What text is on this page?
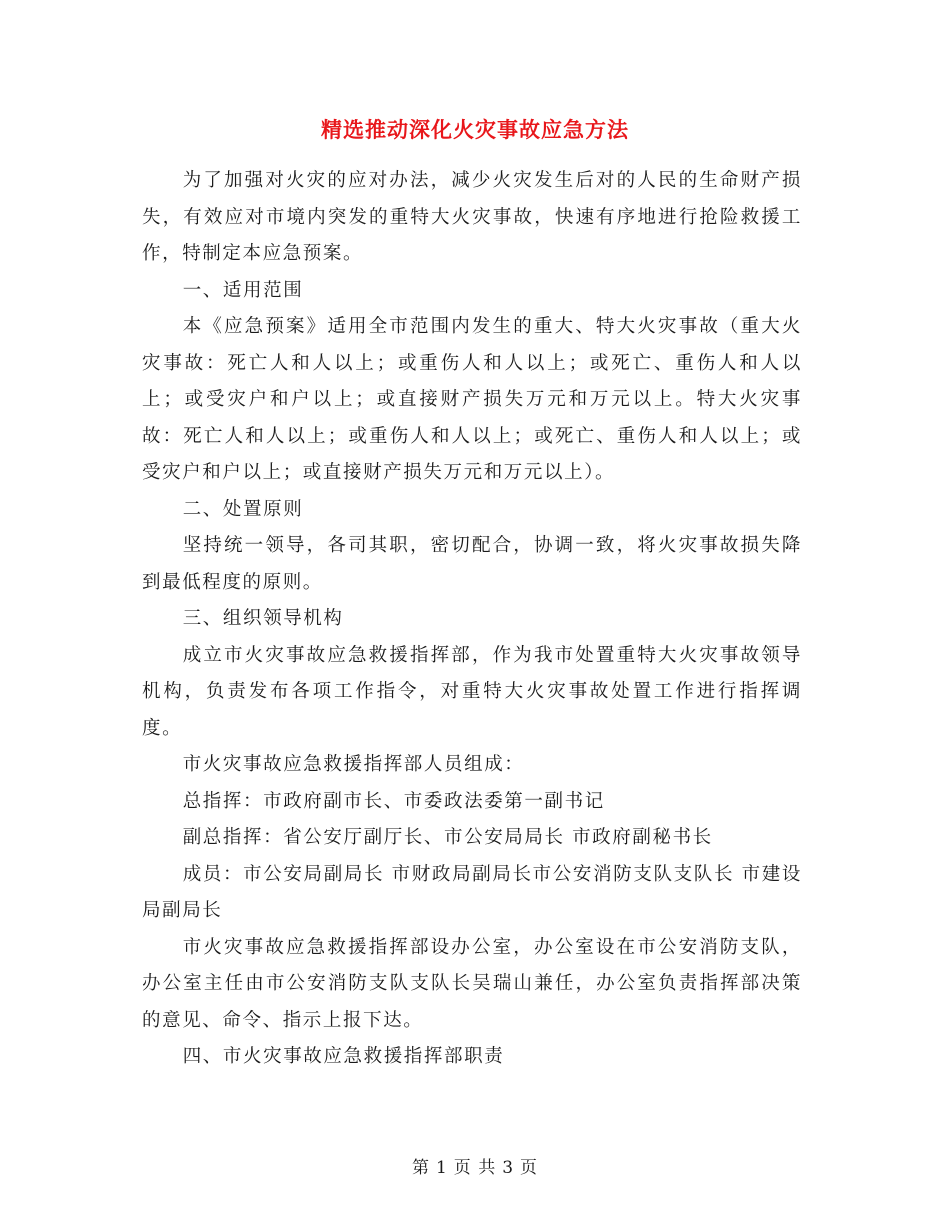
精选推动深化火灾事故应急方法

为了加强对火灾的应对办法，减少火灾发生后对的人民的生命财产损失，有效应对市境内突发的重特大火灾事故，快速有序地进行抢险救援工作，特制定本应急预案。

一、适用范围

本《应急预案》适用全市范围内发生的重大、特大火灾事故（重大火灾事故：死亡人和人以上；或重伤人和人以上；或死亡、重伤人和人以上；或受灾户和户以上；或直接财产损失万元和万元以上。特大火灾事故：死亡人和人以上；或重伤人和人以上；或死亡、重伤人和人以上；或受灾户和户以上；或直接财产损失万元和万元以上）。

二、处置原则

坚持统一领导，各司其职，密切配合，协调一致，将火灾事故损失降到最低程度的原则。

三、组织领导机构

成立市火灾事故应急救援指挥部，作为我市处置重特大火灾事故领导机构，负责发布各项工作指令，对重特大火灾事故处置工作进行指挥调度。

市火灾事故应急救援指挥部人员组成：

总指挥：市政府副市长、市委政法委第一副书记

副总指挥：省公安厅副厅长、市公安局局长 市政府副秘书长

成员：市公安局副局长 市财政局副局长市公安消防支队支队长 市建设局副局长

市火灾事故应急救援指挥部设办公室，办公室设在市公安消防支队，办公室主任由市公安消防支队支队长吴瑞山兼任，办公室负责指挥部决策的意见、命令、指示上报下达。

四、市火灾事故应急救援指挥部职责

第 1 页 共 3 页
